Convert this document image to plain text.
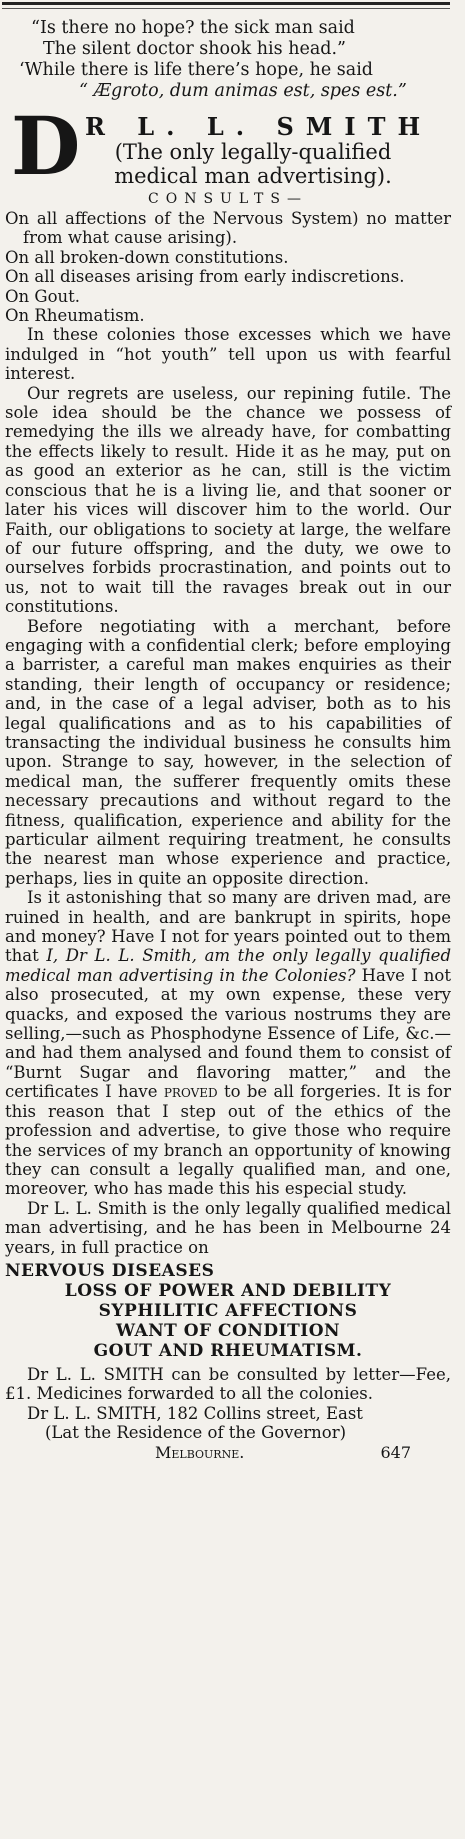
“Is there no hope? the sick man said
The silent doctor shook his head.”
‘While there is life there’s hope, he said
“ Ægroto, dum animas est, spes est.”
D R L. L. SMITH
(The only legally-qualified medical man advertising).
CONSULTS—

On all affections of the Nervous System) no matter from what cause arising).

On all broken-down constitutions.

On all diseases arising from early indiscretions.

On Gout.

On Rheumatism.

In these colonies those excesses which we have indulged in “hot youth” tell upon us with fearful interest.

Our regrets are useless, our repining futile. The sole idea should be the chance we possess of remedying the ills we already have, for combatting the effects likely to result. Hide it as he may, put on as good an exterior as he can, still is the victim conscious that he is a living lie, and that sooner or later his vices will discover him to the world. Our Faith, our obligations to society at large, the welfare of our future offspring, and the duty, we owe to ourselves forbids procrastination, and points out to us, not to wait till the ravages break out in our constitutions.

Before negotiating with a merchant, before engaging with a confidential clerk; before employing a barrister, a careful man makes enquiries as their standing, their length of occupancy or residence; and, in the case of a legal adviser, both as to his legal qualifications and as to his capabilities of transacting the individual business he consults him upon. Strange to say, however, in the selection of medical man, the sufferer frequently omits these necessary precautions and without regard to the fitness, qualification, experience and ability for the particular ailment requiring treatment, he consults the nearest man whose experience and practice, perhaps, lies in quite an opposite direction.

Is it astonishing that so many are driven mad, are ruined in health, and are bankrupt in spirits, hope and money? Have I not for years pointed out to them that I, Dr L. L. Smith, am the only legally qualified medical man advertising in the Colonies? Have I not also prosecuted, at my own expense, these very quacks, and exposed the various nostrums they are selling,—such as Phosphodyne Essence of Life, &c.—and had them analysed and found them to consist of “Burnt Sugar and flavoring matter,” and the certificates I have proved to be all forgeries. It is for this reason that I step out of the ethics of the profession and advertise, to give those who require the services of my branch an opportunity of knowing they can consult a legally qualified man, and one, moreover, who has made this his especial study.

Dr L. L. Smith is the only legally qualified medical man advertising, and he has been in Melbourne 24 years, in full practice on

NERVOUS DISEASES
LOSS OF POWER AND DEBILITY
SYPHILITIC AFFECTIONS
WANT OF CONDITION
GOUT AND RHEUMATISM.

Dr L. L. SMITH can be consulted by letter—Fee, £1. Medicines forwarded to all the colonies.

Dr L. L. SMITH, 182 Collins street, East

(Lat the Residence of the Governor)

Melbourne.	647
